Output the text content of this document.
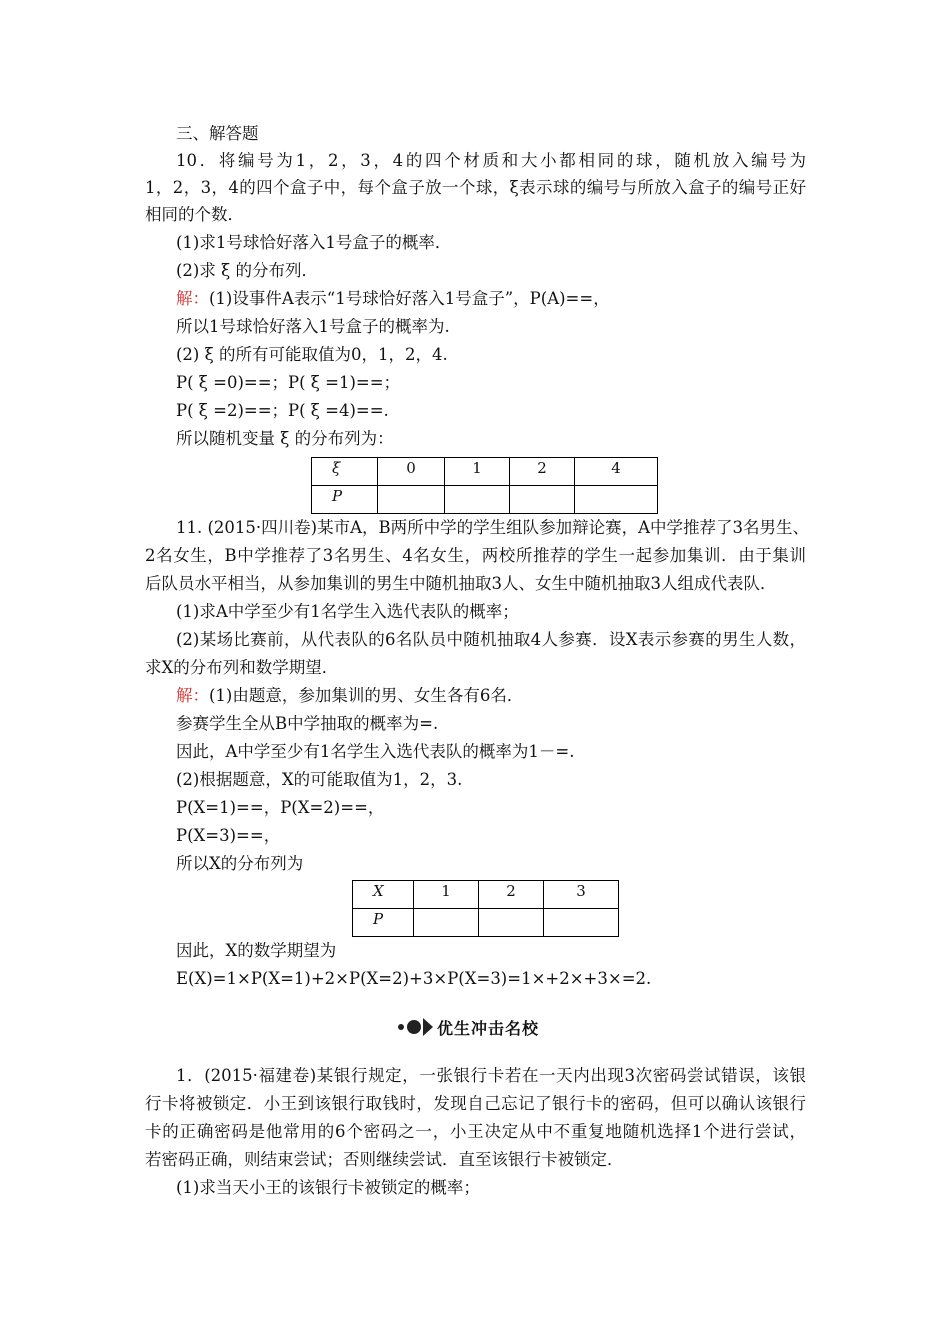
三、解答题
10．将编号为1，2，3，4的四个材质和大小都相同的球，随机放入编号为
1，2，3，4的四个盒子中，每个盒子放一个球，ξ表示球的编号与所放入盒子的编号正好
相同的个数．
(1)求1号球恰好落入1号盒子的概率．
(2)求 ξ 的分布列．
解：(1)设事件A表示“1号球恰好落入1号盒子”，P(A)==，
所以1号球恰好落入1号盒子的概率为.
(2) ξ 的所有可能取值为0，1，2，4.
P( ξ =0)==；P( ξ =1)==；
P( ξ =2)==；P( ξ =4)==.
所以随机变量 ξ 的分布列为：
ξ	0	1	2	4
P				
11. (2015·四川卷)某市A，B两所中学的学生组队参加辩论赛，A中学推荐了3名男生、
2名女生，B中学推荐了3名男生、4名女生，两校所推荐的学生一起参加集训．由于集训
后队员水平相当，从参加集训的男生中随机抽取3人、女生中随机抽取3人组成代表队．
(1)求A中学至少有1名学生入选代表队的概率；
(2)某场比赛前，从代表队的6名队员中随机抽取4人参赛．设X表示参赛的男生人数，
求X的分布列和数学期望．
解：(1)由题意，参加集训的男、女生各有6名．
参赛学生全从B中学抽取的概率为=.
因此，A中学至少有1名学生入选代表队的概率为1－=.
(2)根据题意，X的可能取值为1，2，3.
P(X=1)==，P(X=2)==，
P(X=3)==，
所以X的分布列为
X	1	2	3
P			
因此，X的数学期望为
E(X)=1×P(X=1)+2×P(X=2)+3×P(X=3)=1×+2×+3×=2.
优生冲击名校
1．(2015·福建卷)某银行规定，一张银行卡若在一天内出现3次密码尝试错误，该银
行卡将被锁定．小王到该银行取钱时，发现自己忘记了银行卡的密码，但可以确认该银行
卡的正确密码是他常用的6个密码之一，小王决定从中不重复地随机选择1个进行尝试，
若密码正确，则结束尝试；否则继续尝试．直至该银行卡被锁定．
(1)求当天小王的该银行卡被锁定的概率；
